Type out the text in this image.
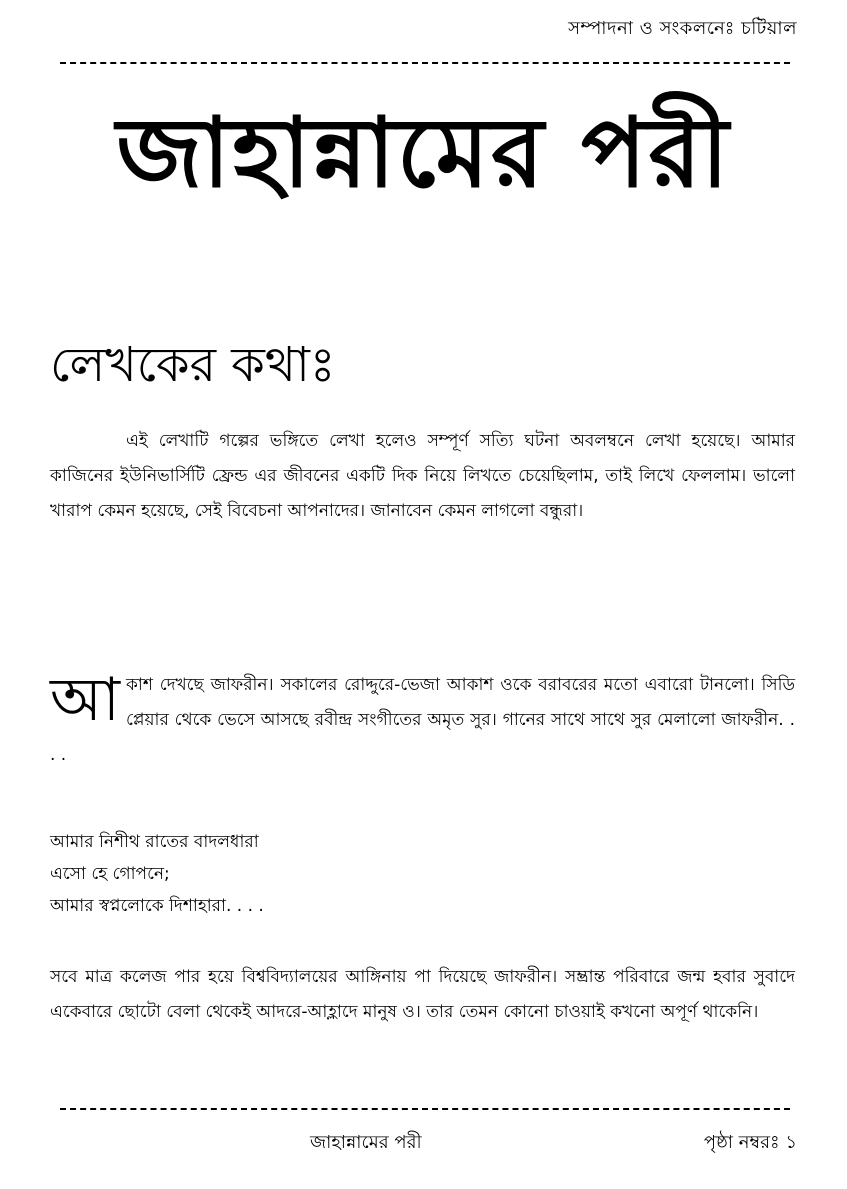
সম্পাদনা ও সংকলনেঃ চটিয়াল
জাহান্নামের পরী
লেখকের কথাঃ

এই লেখাটি গল্পের ভঙ্গিতে লেখা হলেও সম্পূর্ণ সত্যি ঘটনা অবলম্বনে লেখা হয়েছে। আমার কাজিনের ইউনিভার্সিটি ফ্রেন্ড এর জীবনের একটি দিক নিয়ে লিখতে চেয়েছিলাম, তাই লিখে ফেললাম। ভালো খারাপ কেমন হয়েছে, সেই বিবেচনা আপনাদের। জানাবেন কেমন লাগলো বন্ধুরা।

আ কাশ দেখছে জাফরীন। সকালের রোদ্দুরে-ভেজা আকাশ ওকে বরাবরের মতো এবারো টানলো। সিডি প্লেয়ার থেকে ভেসে আসছে রবীন্দ্র সংগীতের অমৃত সুর। গানের সাথে সাথে সুর মেলালো জাফরীন. . . .
আমার নিশীথ রাতের বাদলধারা
এসো হে গোপনে;
আমার স্বপ্নলোকে দিশাহারা. . . .
সবে মাত্র কলেজ পার হয়ে বিশ্ববিদ্যালয়ের আঙ্গিনায় পা দিয়েছে জাফরীন। সম্ভ্রান্ত পরিবারে জন্ম হবার সুবাদে একেবারে ছোটো বেলা থেকেই আদরে-আহ্লাদে মানুষ ও। তার তেমন কোনো চাওয়াই কখনো অপূর্ণ থাকেনি।
জাহান্নামের পরী	পৃষ্ঠা নম্বরঃ ১
